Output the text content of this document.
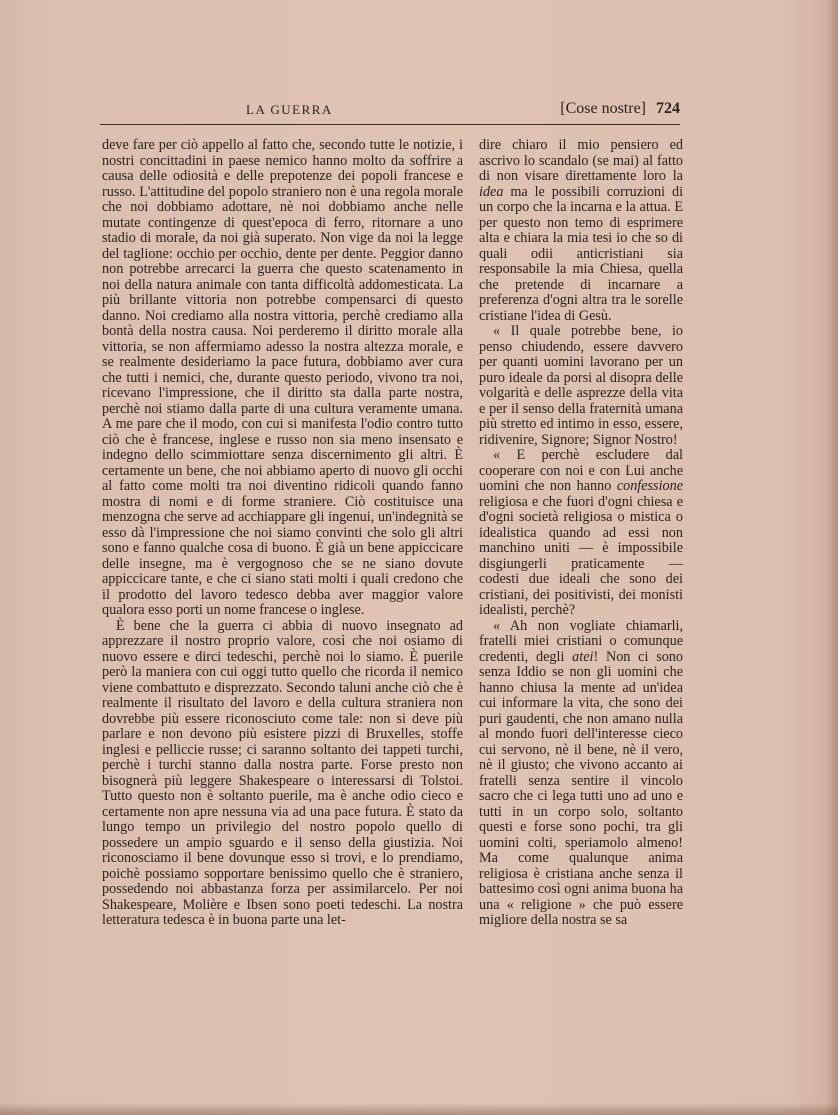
LA GUERRA	[Cose nostre] 724

deve fare per ciò appello al fatto che, secondo tutte le notizie, i nostri concittadini in paese nemico hanno molto da soffrire a causa delle odiosità e delle prepotenze dei popoli francese e russo. L'attitudine del popolo straniero non è una regola morale che noi dobbiamo adottare, nè noi dobbiamo anche nelle mutate contingenze di quest'epoca di ferro, ritornare a uno stadio di morale, da noi già superato. Non vige da noi la legge del taglione: occhio per occhio, dente per dente. Peggior danno non potrebbe arrecarci la guerra che questo scatenamento in noi della natura animale con tanta difficoltà addomesticata. La più brillante vittoria non potrebbe compensarci di questo danno. Noi crediamo alla nostra vittoria, perchè crediamo alla bontà della nostra causa. Noi perderemo il diritto morale alla vittoria, se non affermiamo adesso la nostra altezza morale, e se realmente desideriamo la pace futura, dobbiamo aver cura che tutti i nemici, che, durante questo periodo, vivono tra noi, ricevano l'impressione, che il diritto sta dalla parte nostra, perchè noi stiamo dalla parte di una cultura veramente umana. A me pare che il modo, con cui si manifesta l'odio contro tutto ciò che è francese, inglese e russo non sia meno insensato e indegno dello scimmiottare senza discernimento gli altri. È certamente un bene, che noi abbiamo aperto di nuovo gli occhi al fatto come molti tra noi diventino ridicoli quando fanno mostra di nomi e di forme straniere. Ciò costituisce una menzogna che serve ad acchiappare gli ingenui, un'indegnità se esso dà l'impressione che noi siamo convinti che solo gli altri sono e fanno qualche cosa di buono. È già un bene appiccicare delle insegne, ma è vergognoso che se ne siano dovute appiccicare tante, e che ci siano stati molti i quali credono che il prodotto del lavoro tedesco debba aver maggior valore qualora esso porti un nome francese o inglese.

È bene che la guerra ci abbia di nuovo insegnato ad apprezzare il nostro proprio valore, così che noi osiamo di nuovo essere e dirci tedeschi, perchè noi lo siamo. È puerile però la maniera con cui oggi tutto quello che ricorda il nemico viene combattuto e disprezzato. Secondo taluni anche ciò che è realmente il risultato del lavoro e della cultura straniera non dovrebbe più essere riconosciuto come tale: non si deve più parlare e non devono più esistere pizzi di Bruxelles, stoffe inglesi e pelliccie russe; ci saranno soltanto dei tappeti turchi, perchè i turchi stanno dalla nostra parte. Forse presto non bisognerà più leggere Shakespeare o interessarsi di Tolstoi. Tutto questo non è soltanto puerile, ma è anche odio cieco e certamente non apre nessuna via ad una pace futura. È stato da lungo tempo un privilegio del nostro popolo quello di possedere un ampio sguardo e il senso della giustizia. Noi riconosciamo il bene dovunque esso si trovi, e lo prendiamo, poichè possiamo sopportare benissimo quello che è straniero, possedendo noi abbastanza forza per assimilarcelo. Per noi Shakespeare, Molière e Ibsen sono poeti tedeschi. La nostra letteratura tedesca è in buona parte una let-

dire chiaro il mio pensiero ed ascrivo lo scandalo (se mai) al fatto di non visare direttamente loro la idea ma le possibili corruzioni di un corpo che la incarna e la attua. E per questo non temo di esprimere alta e chiara la mia tesi io che so di quali odii anticristiani sia responsabile la mia Chiesa, quella che pretende di incarnare a preferenza d'ogni altra tra le sorelle cristiane l'idea di Gesù.

« Il quale potrebbe bene, io penso chiudendo, essere davvero per quanti uomini lavorano per un puro ideale da porsi al disopra delle volgarità e delle asprezze della vita e per il senso della fraternità umana più stretto ed intimo in esso, essere, ridivenire, Signore; Signor Nostro!

« E perchè escludere dal cooperare con noi e con Lui anche uomini che non hanno confessione religiosa e che fuori d'ogni chiesa e d'ogni società religiosa o mistica o idealistica quando ad essi non manchino uniti — è impossibile disgiungerli praticamente — codesti due ideali che sono dei cristiani, dei positivisti, dei monisti idealisti, perchè?

« Ah non vogliate chiamarli, fratelli miei cristiani o comunque credenti, degli atei! Non ci sono senza Iddio se non gli uomini che hanno chiusa la mente ad un'idea cui informare la vita, che sono dei puri gaudenti, che non amano nulla al mondo fuori dell'interesse cieco cui servono, nè il bene, nè il vero, nè il giusto; che vivono accanto ai fratelli senza sentire il vincolo sacro che ci lega tutti uno ad uno e tutti in un corpo solo, soltanto questi e forse sono pochi, tra gli uomini colti, speriamolo almeno! Ma come qualunque anima religiosa è cristiana anche senza il battesimo così ogni anima buona ha una « religione » che può essere migliore della nostra se sa
